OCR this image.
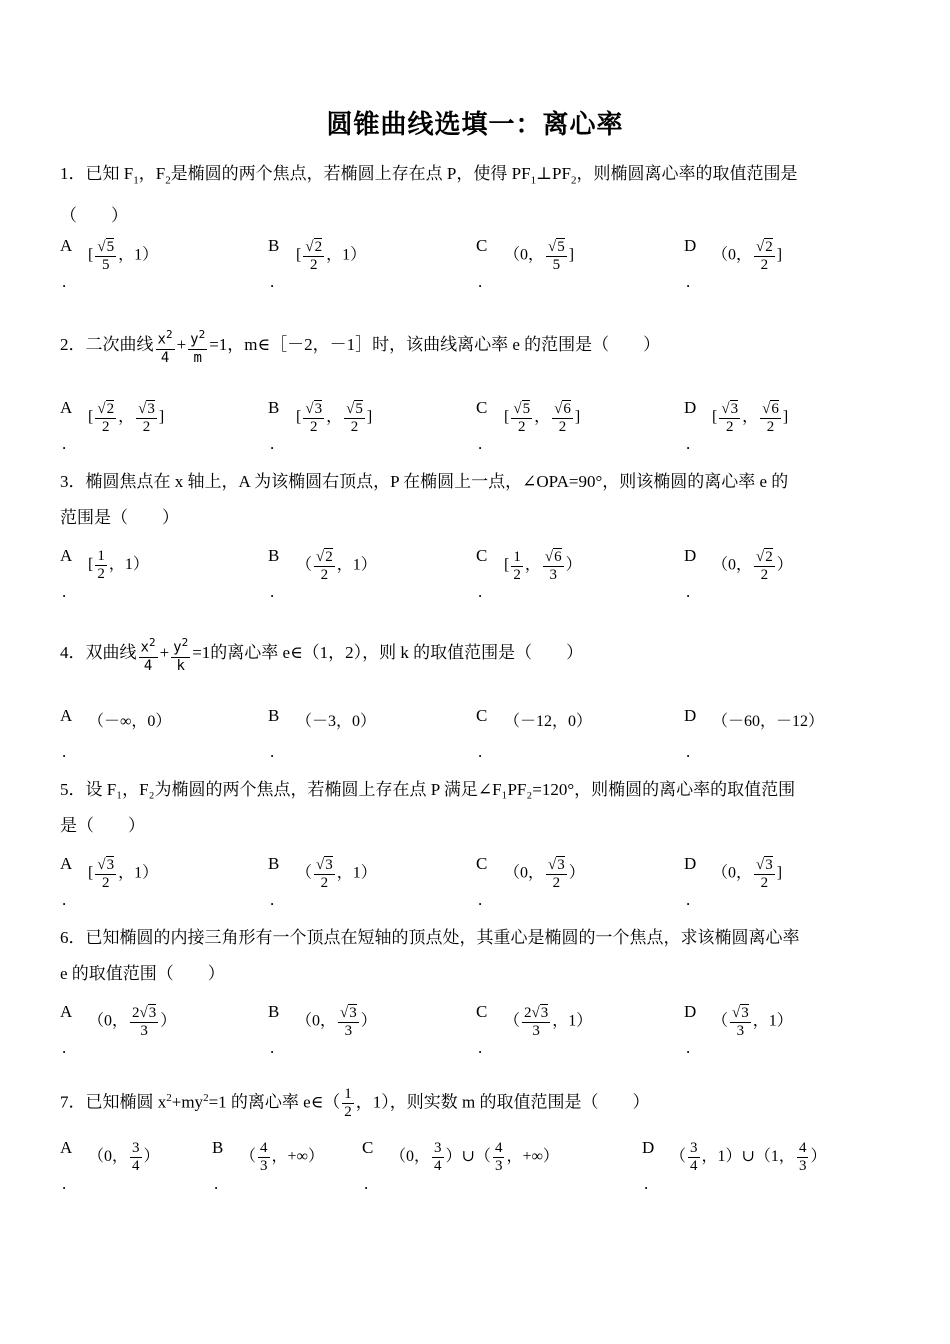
圆锥曲线选填一：离心率
1．已知 $F_1$，$F_2$是椭圆的两个焦点，若椭圆上存在点 P，使得 $PF_1\perp PF_2$，则椭圆离心率的取值范围是
（　　）
A
.
[ $\frac{√5}{5}$ ，1）
B
.
[ $\frac{√2}{2}$ ，1）
C
.
（0， $\frac{√5}{5}$ ]
D
.
（0， $\frac{√2}{2}$ ]
2．二次曲线 $\frac{x^2}{4} + \frac{y^2}{m} =1$，m∈［－2，－1］时，该曲线离心率 e 的范围是（　　）
A
.
[ $\frac{√2}{2}$ ， $\frac{√3}{2}$ ]
B
.
[ $\frac{√3}{2}$ ， $\frac{√5}{2}$ ]
C
.
[ $\frac{√5}{2}$ ， $\frac{√6}{2}$ ]
D
.
[ $\frac{√3}{2}$ ， $\frac{√6}{2}$ ]
3．椭圆焦点在 x 轴上，A 为该椭圆右顶点，P 在椭圆上一点，∠OPA=90°，则该椭圆的离心率 e 的
范围是（　　）
A
.
[ $\frac{1}{2}$ ，1）	B
.
（ $\frac{√2}{2}$ ，1）
C
.
[ $\frac{1}{2}$ ， $\frac{√6}{3}$ ）
D
.
（0， $\frac{√2}{2}$ ）
4．双曲线 $\frac{x^2}{4} + \frac{y^2}{k} =1$的离心率 e∈（1，2），则 k 的取值范围是（　　）
A
.
（－∞，0）	B
.
（－3，0）	C
.
（－12，0）	D
.
（－60，－12）
5．设 F₁，F₂为椭圆的两个焦点，若椭圆上存在点 P 满足∠F₁PF₂=120°，则椭圆的离心率的取值范围
是（　　）
A
.
[ $\frac{√3}{2}$ ，1）
B
.
（ $\frac{√3}{2}$ ，1）
C
.
（0， $\frac{√3}{2}$ ）
D
.
（0， $\frac{√3}{2}$ ]
6．已知椭圆的内接三角形有一个顶点在短轴的顶点处，其重心是椭圆的一个焦点，求该椭圆离心率
e 的取值范围（　　）
A
.
（0， $\frac{2√3}{3}$ ）
B
.
（0， $\frac{√3}{3}$ ）
C
.
（ $\frac{2√3}{3}$ ，1）
D
.
（ $\frac{√3}{3}$ ，1）
7．已知椭圆 $x^2+my^2=1$ 的离心率 e∈（ $\frac{1}{2}$ ，1），则实数 m 的取值范围是（　　）
A
.
（0， $\frac{3}{4}$ ）	B
.
（ $\frac{4}{3}$ ，+∞） C
.
（0， $\frac{3}{4}$ ）∪（ $\frac{4}{3}$ ，+∞）	D
.
（ $\frac{3}{4}$ ，1）∪（1， $\frac{4}{3}$ ）
